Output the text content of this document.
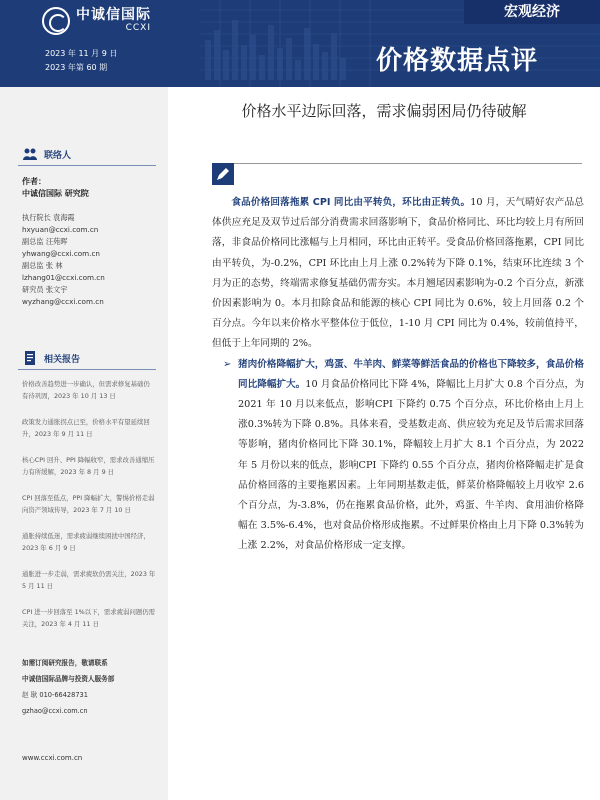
中诚信国际
CCXI
2023 年 11 月 9 日
2023 年第 60 期
宏观经济
价格数据点评
联络人
作者：
中诚信国际 研究院
执行院长 袁海霞
hxyuan@ccxi.com.cn
副总监 汪苑晖
yhwang@ccxi.com.cn
副总监 张 林
lzhang01@ccxi.com.cn
研究员 张文宇
wyzhang@ccxi.com.cn
相关报告
价格改善趋势进一步确认，但需求修复基础仍有待巩固，2023 年 10 月 13 日
政策发力通胀拐点已至，价格水平有望延续回升，2023 年 9 月 11 日
核心CPI 回升、PPI 降幅收窄，需求改善通缩压力有所缓解，2023 年 8 月 9 日
CPI 回落至低点，PPI 降幅扩大，警惕价格走弱向资产领域传导，2023 年 7 月 10 日
通胀持续低迷，需求疲弱继续困扰中国经济，2023 年 6 月 9 日
通胀进一步走弱，需求疲软仍需关注，2023 年 5 月 11 日
CPI 进一步回落至 1%以下，需求疲弱问题仍需关注，2023 年 4 月 11 日
如需订阅研究报告，敬请联系
中诚信国际品牌与投资人服务部
赵 耿 010-66428731
gzhao@ccxi.com.cn
www.ccxi.com.cn
价格水平边际回落，需求偏弱困局仍待破解

食品价格回落拖累 CPI 同比由平转负，环比由正转负。10 月，天气晴好农产品总体供应充足及双节过后部分消费需求回落影响下，食品价格同比、环比均较上月有所回落，非食品价格同比涨幅与上月相同，环比由正转平。受食品价格回落拖累，CPI 同比由平转负，为-0.2%，CPI 环比由上月上涨 0.2%转为下降 0.1%，结束环比连续 3 个月为正的态势，终端需求修复基础仍需夯实。本月翘尾因素影响为-0.2 个百分点，新涨价因素影响为 0。本月扣除食品和能源的核心 CPI 同比为 0.6%，较上月回落 0.2 个百分点。今年以来价格水平整体位于低位，1-10 月 CPI 同比为 0.4%，较前值持平，但低于上年同期的 2%。

➢ 猪肉价格降幅扩大，鸡蛋、牛羊肉、鲜菜等鲜活食品的价格也下降较多，食品价格同比降幅扩大。10 月食品价格同比下降 4%，降幅比上月扩大 0.8 个百分点，为 2021 年 10 月以来低点，影响CPI 下降约 0.75 个百分点，环比价格由上月上涨0.3%转为下降 0.8%。具体来看，受基数走高、供应较为充足及节后需求回落等影响，猪肉价格同比下降 30.1%，降幅较上月扩大 8.1 个百分点，为 2022 年 5 月份以来的低点，影响CPI 下降约 0.55 个百分点，猪肉价格降幅走扩是食品价格回落的主要拖累因素。上年同期基数走低，鲜菜价格降幅较上月收窄 2.6 个百分点，为-3.8%，仍在拖累食品价格，此外，鸡蛋、牛羊肉、食用油价格降幅在 3.5%-6.4%，也对食品价格形成拖累。不过鲜果价格由上月下降 0.3%转为上涨 2.2%，对食品价格形成一定支撑。
